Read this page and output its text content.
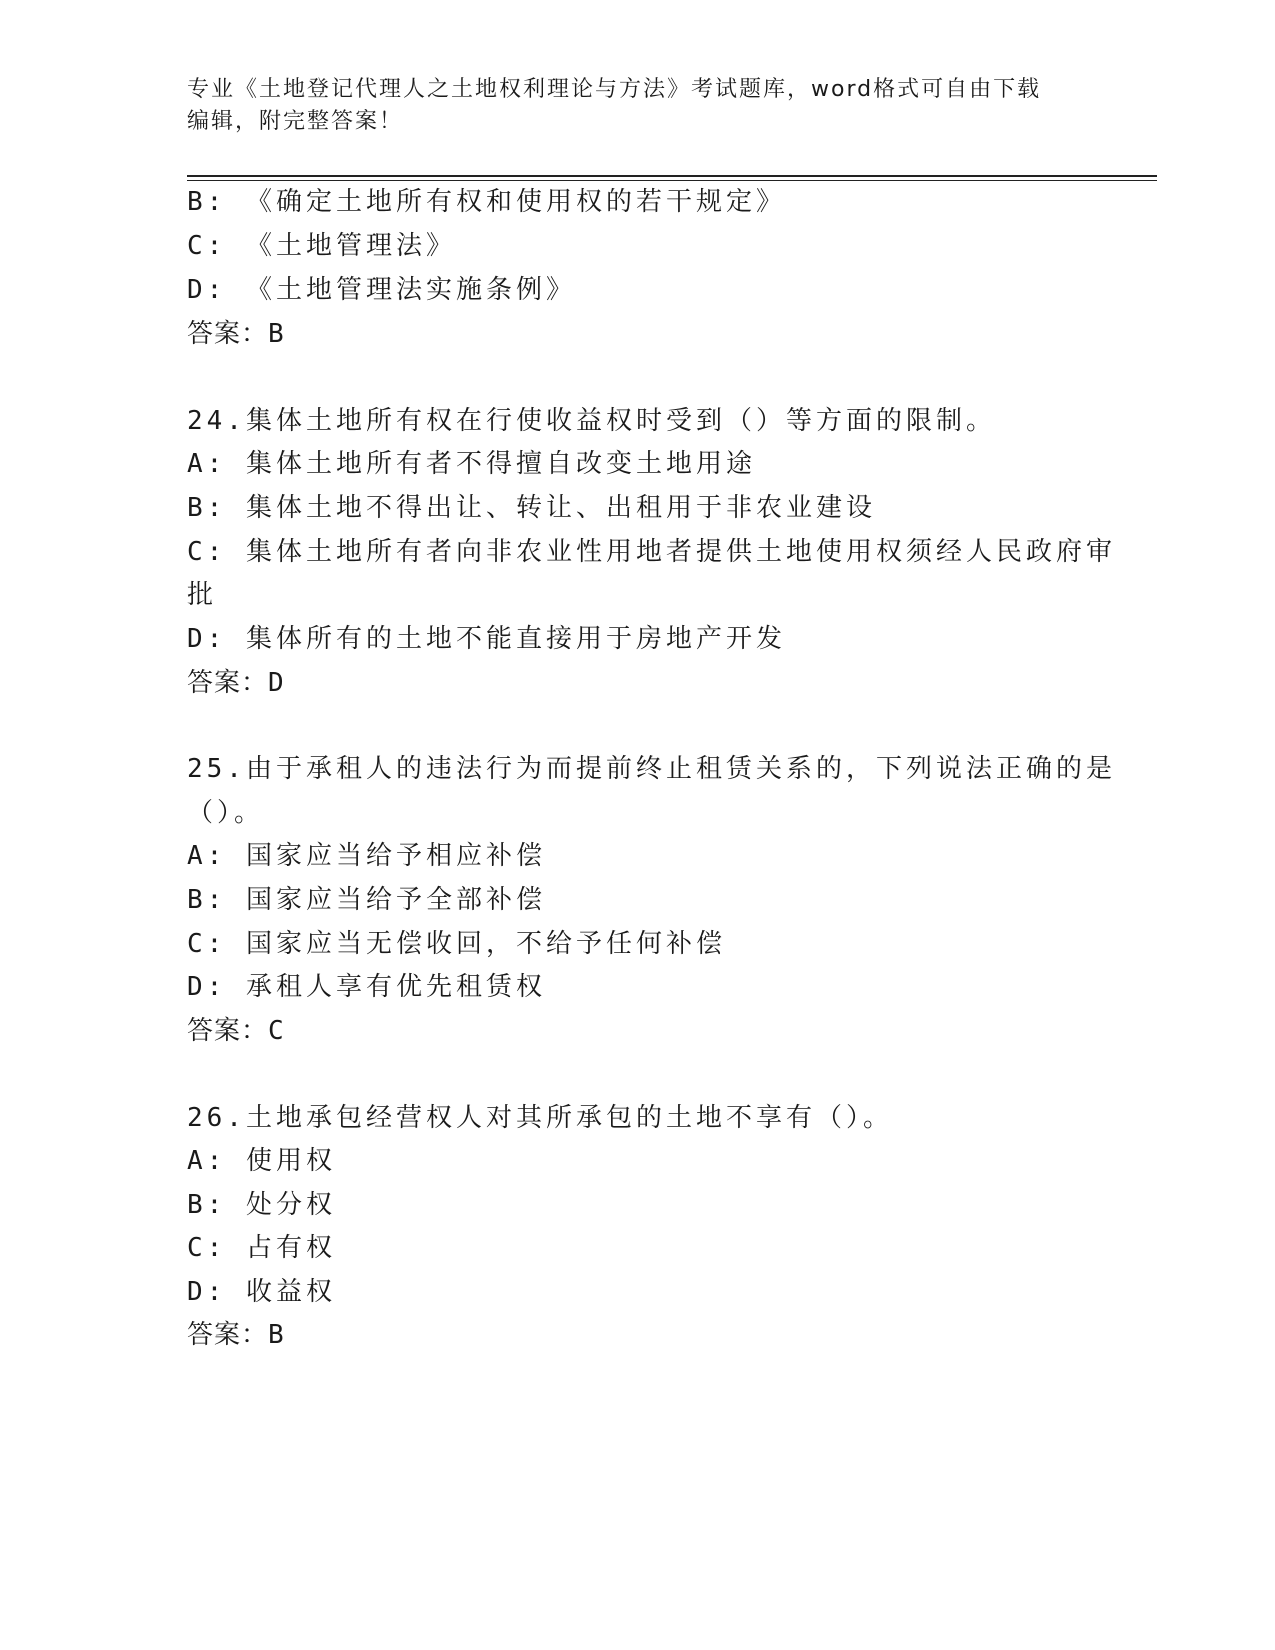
专业《土地登记代理人之土地权利理论与方法》考试题库，word格式可自由下载
编辑，附完整答案！
B: 《确定土地所有权和使用权的若干规定》
C: 《土地管理法》
D: 《土地管理法实施条例》
答案：B
24.集体土地所有权在行使收益权时受到（）等方面的限制。
A: 集体土地所有者不得擅自改变土地用途
B: 集体土地不得出让、转让、出租用于非农业建设
C: 集体土地所有者向非农业性用地者提供土地使用权须经人民政府审
批
D: 集体所有的土地不能直接用于房地产开发
答案：D
25.由于承租人的违法行为而提前终止租赁关系的，下列说法正确的是
（）。
A: 国家应当给予相应补偿
B: 国家应当给予全部补偿
C: 国家应当无偿收回，不给予任何补偿
D: 承租人享有优先租赁权
答案：C
26.土地承包经营权人对其所承包的土地不享有（）。
A: 使用权
B: 处分权
C: 占有权
D: 收益权
答案：B
